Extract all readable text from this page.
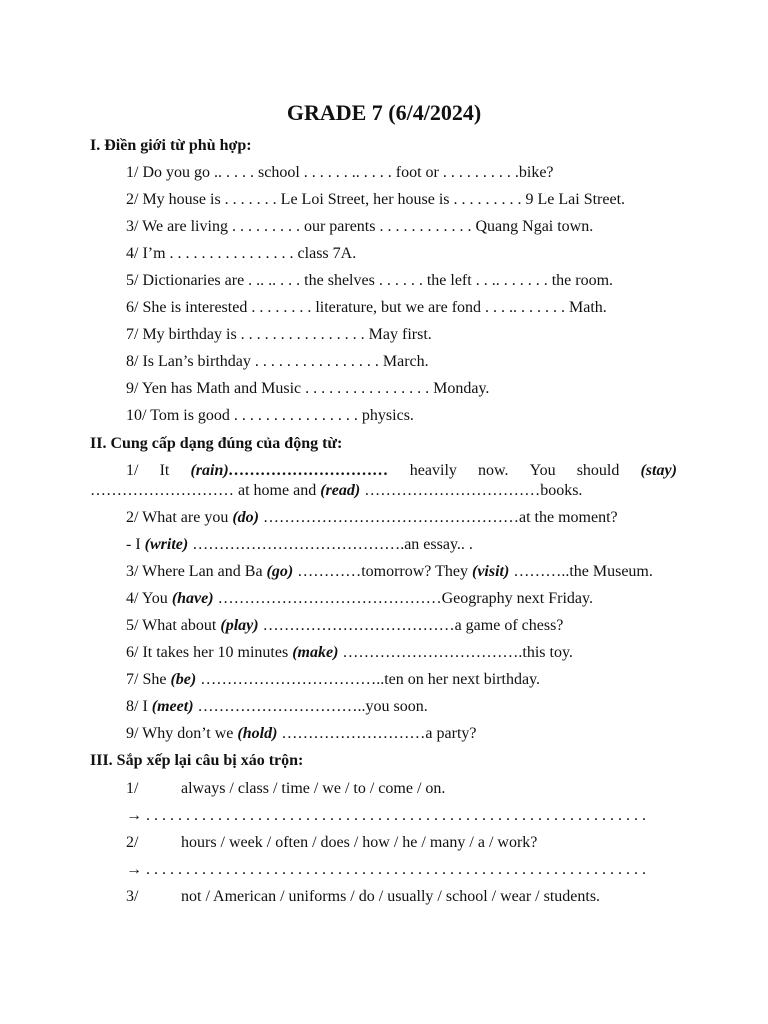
GRADE 7 (6/4/2024)
I. Điền giới từ phù hợp:
1/ Do you go .. . . . . school . . . . . . .. . . . . foot or . . . . . . . . . .bike?
2/ My house is . . . . . . . Le Loi Street, her house is . . . . . . . . . 9 Le Lai Street.
3/ We are living . . . . . . . . . our parents . . . . . . . . . . . . Quang Ngai town.
4/ I’m . . . . . . . . . . . . . . . . class 7A.
5/ Dictionaries are . .. .. . . . the shelves . . . . . . the left . . .. . . . . . . the room.
6/ She is interested . . . . . . . . literature, but we are fond . . . .. . . . . . . Math.
7/ My birthday is . . . . . . . . . . . . . . . . May first.
8/ Is Lan’s birthday . . . . . . . . . . . . . . . . March.
9/ Yen has Math and Music . . . . . . . . . . . . . . . . Monday.
10/ Tom is good . . . . . . . . . . . . . . . . physics.
II. Cung cấp dạng đúng của động từ:
1/ It (rain)………………………… heavily now. You should (stay)
……………………… at home and (read) ……………………………books.
2/ What are you (do) …………………………………………at the moment?
- I (write) ………………………………….an essay.. .
3/ Where Lan and Ba (go) …………tomorrow? They (visit) ………..the Museum.
4/ You (have) ……………………………………Geography next Friday.
5/ What about (play) ………………………………a game of chess?
6/ It takes her 10 minutes (make) …………………………….this toy.
7/ She (be) ……………………………..ten on her next birthday.
8/ I (meet) …………………………..you soon.
9/ Why don’t we (hold) ………………………a party?
III. Sắp xếp lại câu bị xáo trộn:
1/	always / class / time / we / to / come / on.
→ . . . . . . . . . . . . . . . . . . . . . . . . . . . . . . . . . . . . . . . . . . . . . . . . . . . . . . . . . . . . . . .
2/	hours / week / often / does / how / he / many / a / work?
→ . . . . . . . . . . . . . . . . . . . . . . . . . . . . . . . . . . . . . . . . . . . . . . . . . . . . . . . . . . . . . . .
3/	not / American / uniforms / do / usually / school / wear / students.
